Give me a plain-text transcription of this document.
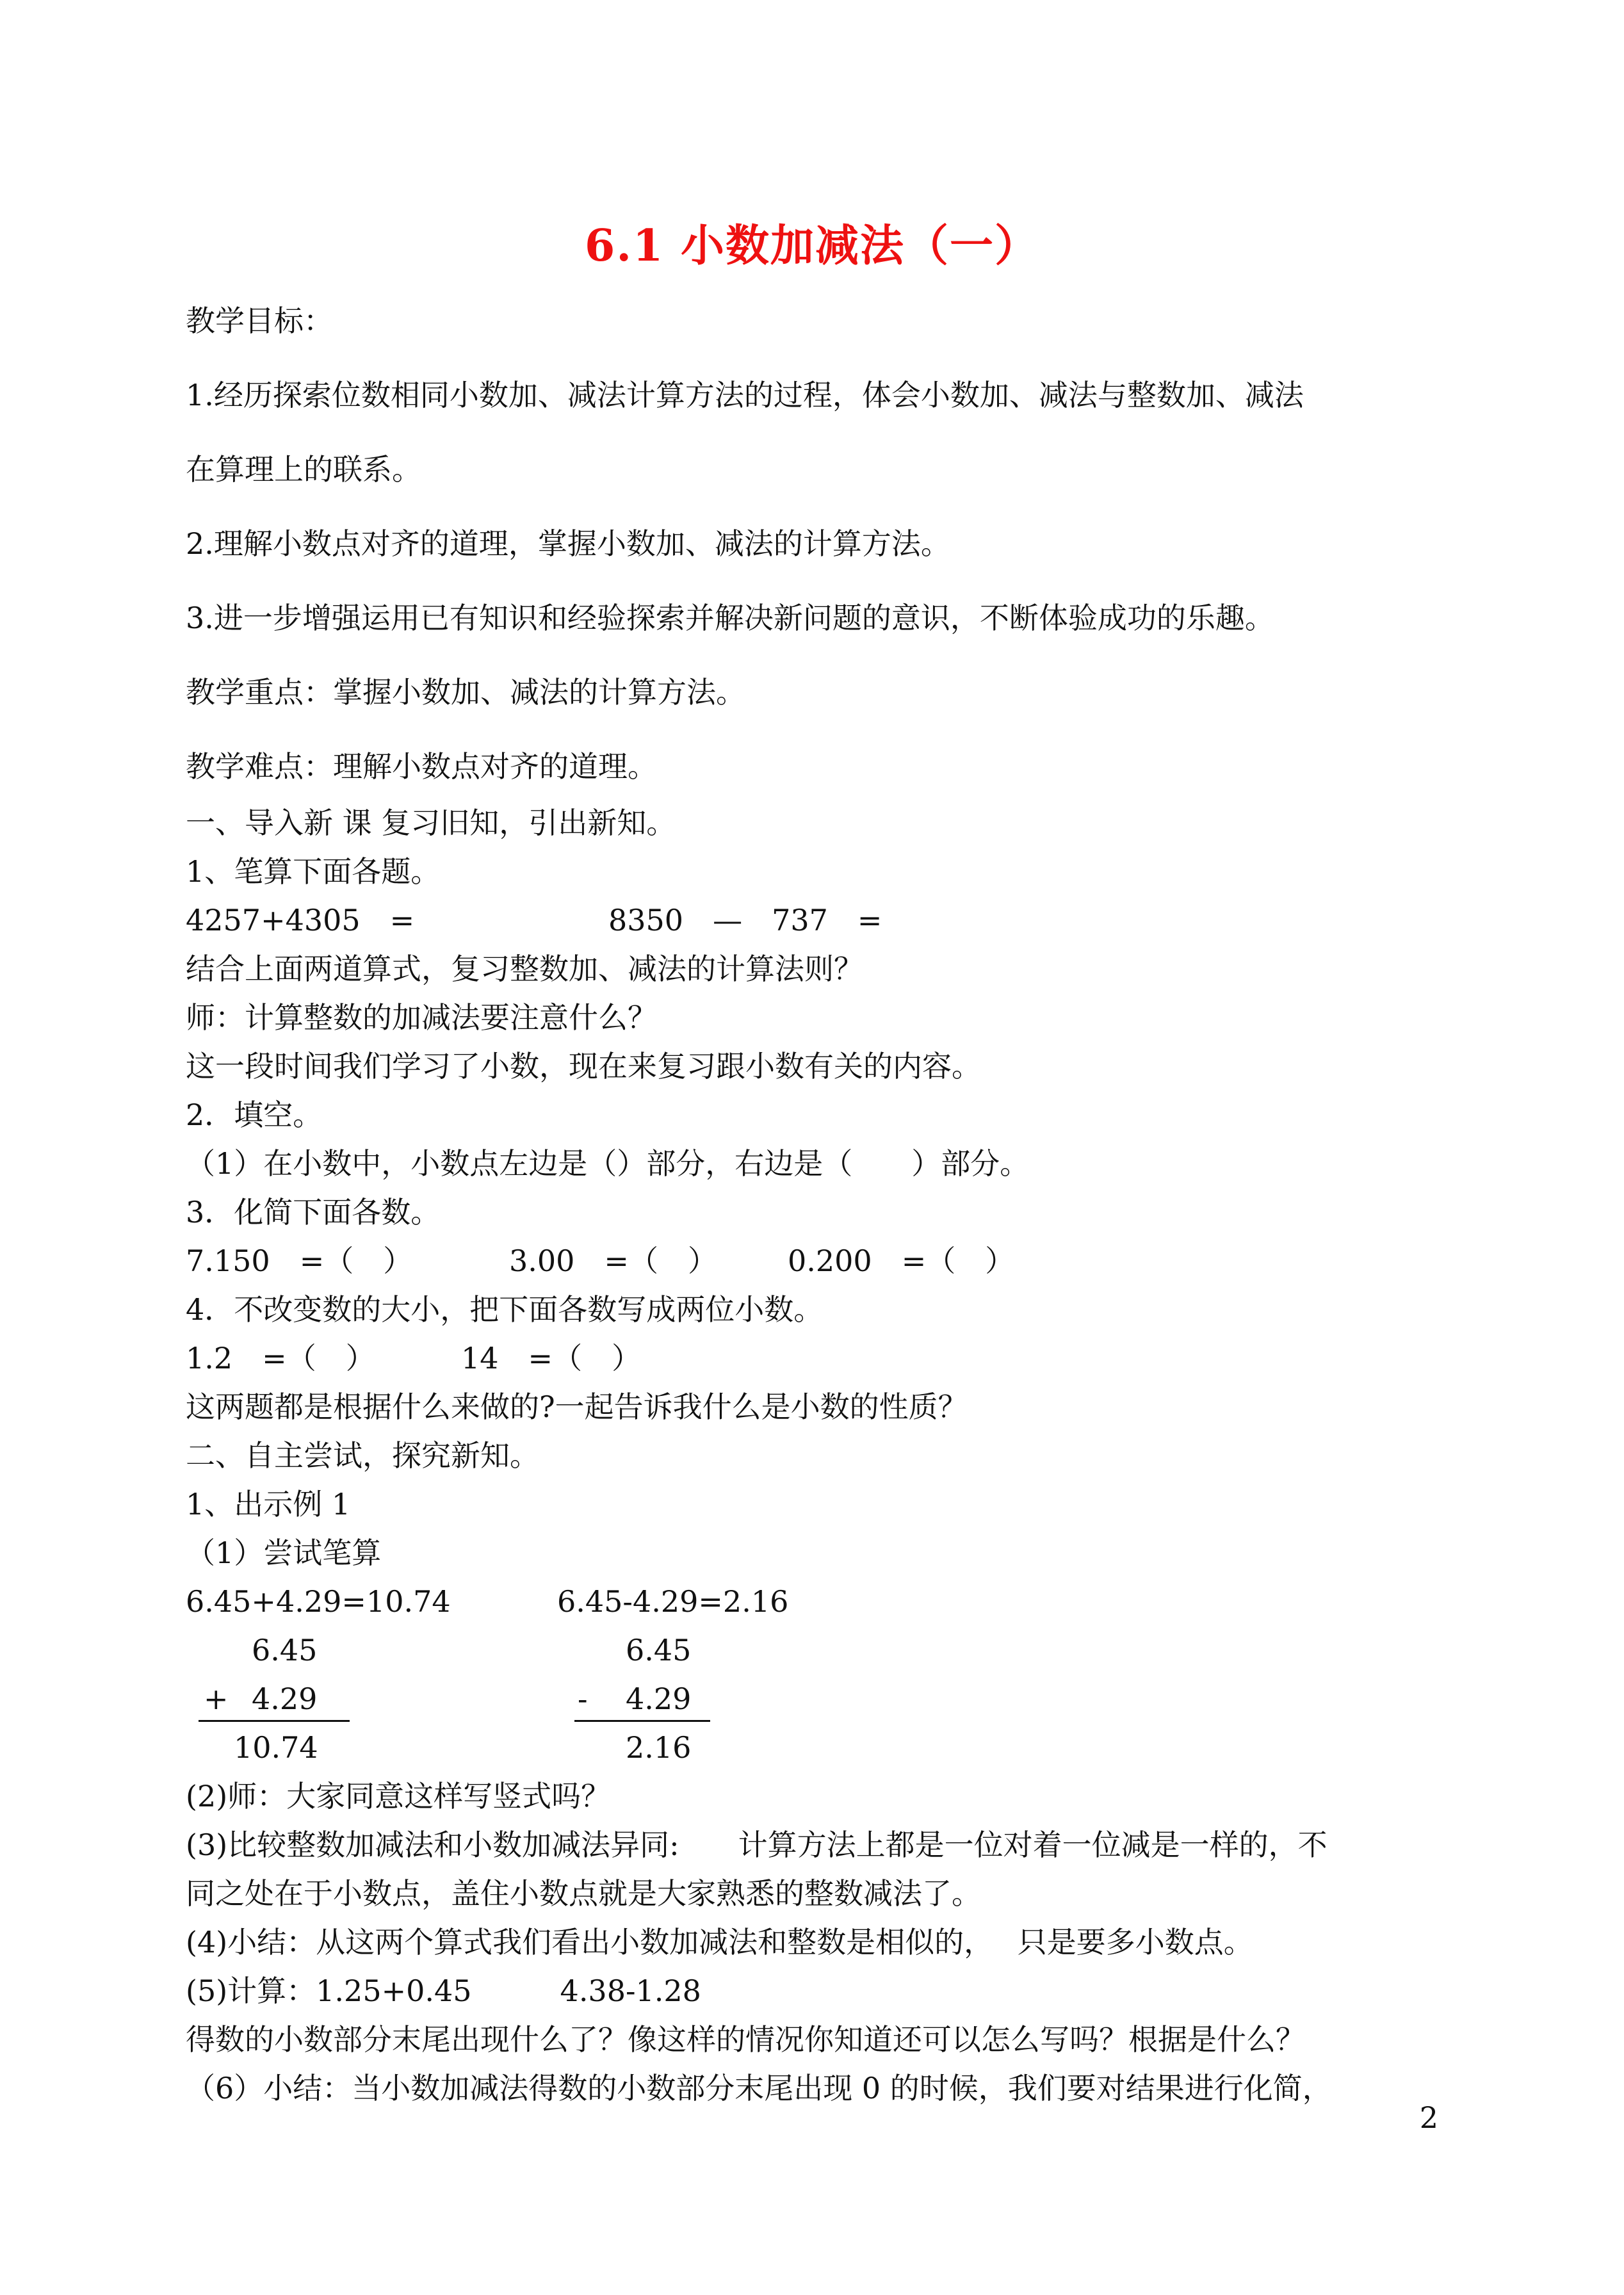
6.1 小数加减法（一）
教学目标：
1.经历探索位数相同小数加、减法计算方法的过程，体会小数加、减法与整数加、减法
在算理上的联系。
2.理解小数点对齐的道理，掌握小数加、减法的计算方法。
3.进一步增强运用已有知识和经验探索并解决新问题的意识，不断体验成功的乐趣。
教学重点：掌握小数加、减法的计算方法。
教学难点：理解小数点对齐的道理。
一、导入新 课 复习旧知，引出新知。
1、笔算下面各题。
4257+4305　=	8350　—　737　=
结合上面两道算式，复习整数加、减法的计算法则？
师：计算整数的加减法要注意什么？
这一段时间我们学习了小数，现在来复习跟小数有关的内容。
2．填空。
（1）在小数中，小数点左边是（）部分，右边是（　　）部分。
3．化简下面各数。
7.150　=（　）	3.00　=（　） 0.200　=（　）
4．不改变数的大小，把下面各数写成两位小数。
1.2　=（　）	14　=（　）
这两题都是根据什么来做的?一起告诉我什么是小数的性质？
二、自主尝试，探究新知。
1、出示例 1
（1）尝试笔算
6.45+4.29=10.74	6.45-4.29=2.16
6.45
+ 4.29
10.74
6.45
- 4.29
2.16
(2)师：大家同意这样写竖式吗？
(3)比较整数加减法和小数加减法异同:　　计算方法上都是一位对着一位减是一样的，不
同之处在于小数点，盖住小数点就是大家熟悉的整数减法了。
(4)小结：从这两个算式我们看出小数加减法和整数是相似的，　 只是要多小数点。
(5)计算：1.25+0.45　　　4.38-1.28
得数的小数部分末尾出现什么了？像这样的情况你知道还可以怎么写吗？根据是什么？
（6）小结：当小数加减法得数的小数部分末尾出现 0 的时候，我们要对结果进行化简，
2
